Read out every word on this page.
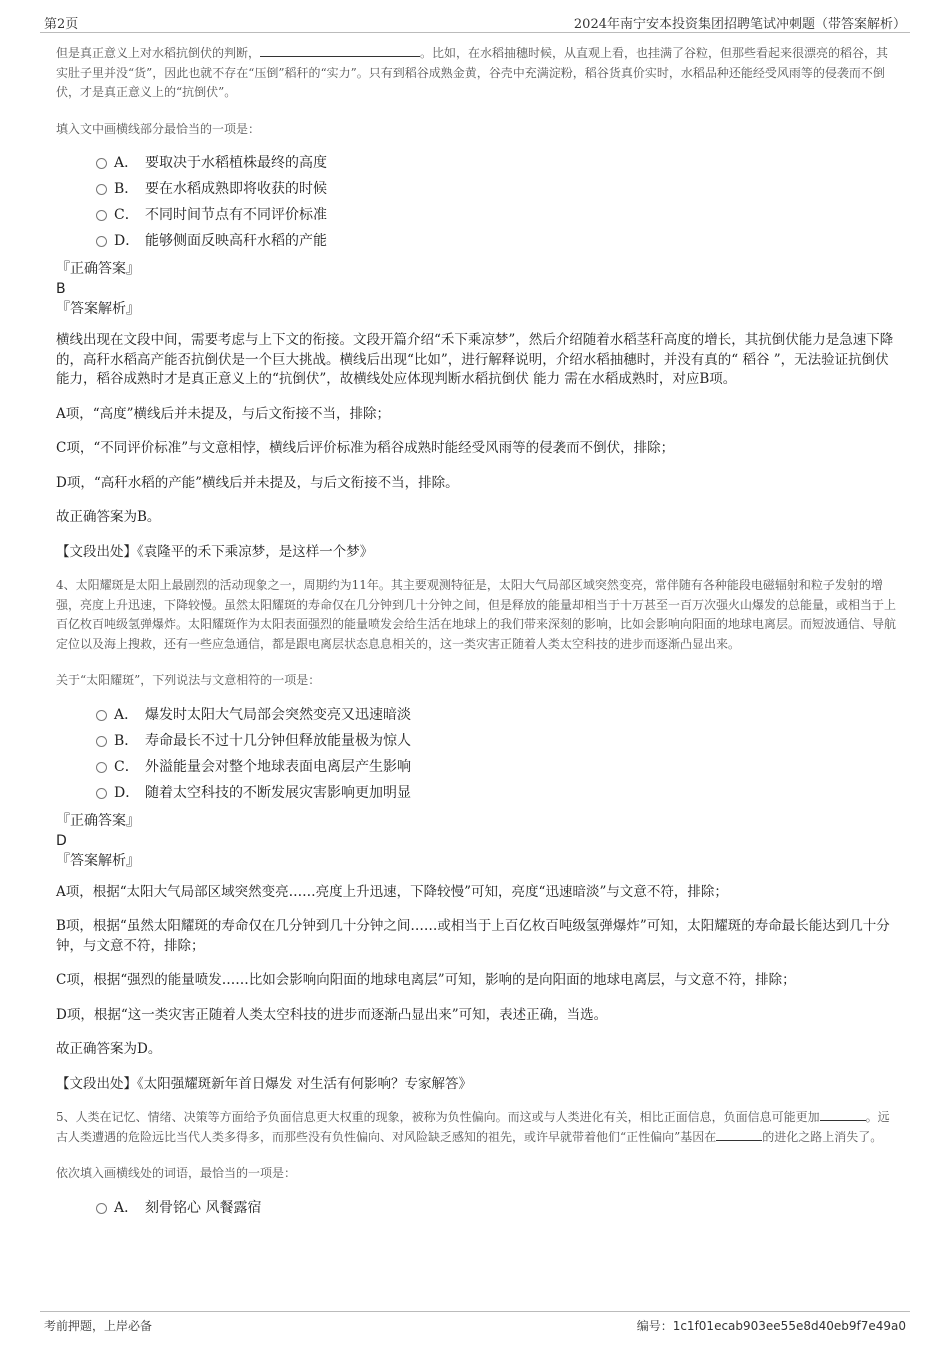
第2页	2024年南宁安本投资集团招聘笔试冲刺题（带答案解析）

但是真正意义上对水稻抗倒伏的判断，	。比如，在水稻抽穗时候，从直观上看，也挂满了谷粒，但那些看起来很漂亮的稻谷，其实肚子里并没“货”，因此也就不存在“压倒”稻秆的“实力”。只有到稻谷成熟金黄，谷壳中充满淀粉，稻谷货真价实时，水稻品种还能经受风雨等的侵袭而不倒伏，才是真正意义上的“抗倒伏”。

填入文中画横线部分最恰当的一项是：

A． 要取决于水稻植株最终的高度
B． 要在水稻成熟即将收获的时候
C． 不同时间节点有不同评价标准
D． 能够侧面反映高秆水稻的产能

『正确答案』

B

『答案解析』

横线出现在文段中间，需要考虑与上下文的衔接。文段开篇介绍“禾下乘凉梦”，然后介绍随着水稻茎秆高度的增长，其抗倒伏能力是急速下降的，高秆水稻高产能否抗倒伏是一个巨大挑战。横线后出现“比如”，进行解释说明，介绍水稻抽穗时，并没有真的“ 稻谷 ”，无法验证抗倒伏能力，稻谷成熟时才是真正意义上的“抗倒伏”，故横线处应体现判断水稻抗倒伏 能力 需在水稻成熟时，对应B项。

A项，“高度”横线后并未提及，与后文衔接不当，排除；

C项，“不同评价标准”与文意相悖，横线后评价标准为稻谷成熟时能经受风雨等的侵袭而不倒伏，排除；

D项，“高秆水稻的产能”横线后并未提及，与后文衔接不当，排除。

故正确答案为B。

【文段出处】《袁隆平的禾下乘凉梦，是这样一个梦》

4、太阳耀斑是太阳上最剧烈的活动现象之一，周期约为11年。其主要观测特征是，太阳大气局部区域突然变亮，常伴随有各种能段电磁辐射和粒子发射的增强，亮度上升迅速，下降较慢。虽然太阳耀斑的寿命仅在几分钟到几十分钟之间，但是释放的能量却相当于十万甚至一百万次强火山爆发的总能量，或相当于上百亿枚百吨级氢弹爆炸。太阳耀斑作为太阳表面强烈的能量喷发会给生活在地球上的我们带来深刻的影响，比如会影响向阳面的地球电离层。而短波通信、导航定位以及海上搜救，还有一些应急通信，都是跟电离层状态息息相关的，这一类灾害正随着人类太空科技的进步而逐渐凸显出来。

关于“太阳耀斑”，下列说法与文意相符的一项是：

A． 爆发时太阳大气局部会突然变亮又迅速暗淡
B． 寿命最长不过十几分钟但释放能量极为惊人
C． 外溢能量会对整个地球表面电离层产生影响
D． 随着太空科技的不断发展灾害影响更加明显

『正确答案』

D

『答案解析』

A项，根据“太阳大气局部区域突然变亮……亮度上升迅速，下降较慢”可知，亮度“迅速暗淡”与文意不符，排除；

B项，根据“虽然太阳耀斑的寿命仅在几分钟到几十分钟之间……或相当于上百亿枚百吨级氢弹爆炸”可知，太阳耀斑的寿命最长能达到几十分钟，与文意不符，排除；

C项，根据“强烈的能量喷发……比如会影响向阳面的地球电离层”可知，影响的是向阳面的地球电离层，与文意不符，排除；

D项，根据“这一类灾害正随着人类太空科技的进步而逐渐凸显出来”可知，表述正确，当选。

故正确答案为D。

【文段出处】《太阳强耀斑新年首日爆发 对生活有何影响？专家解答》

5、人类在记忆、情绪、决策等方面给予负面信息更大权重的现象，被称为负性偏向。而这或与人类进化有关，相比正面信息，负面信息可能更加	。远古人类遭遇的危险远比当代人类多得多，而那些没有负性偏向、对风险缺乏感知的祖先，或许早就带着他们“正性偏向”基因在	的进化之路上消失了。

依次填入画横线处的词语，最恰当的一项是：

A． 刻骨铭心 风餐露宿
考前押题，上岸必备	编号：1c1f01ecab903ee55e8d40eb9f7e49a0
